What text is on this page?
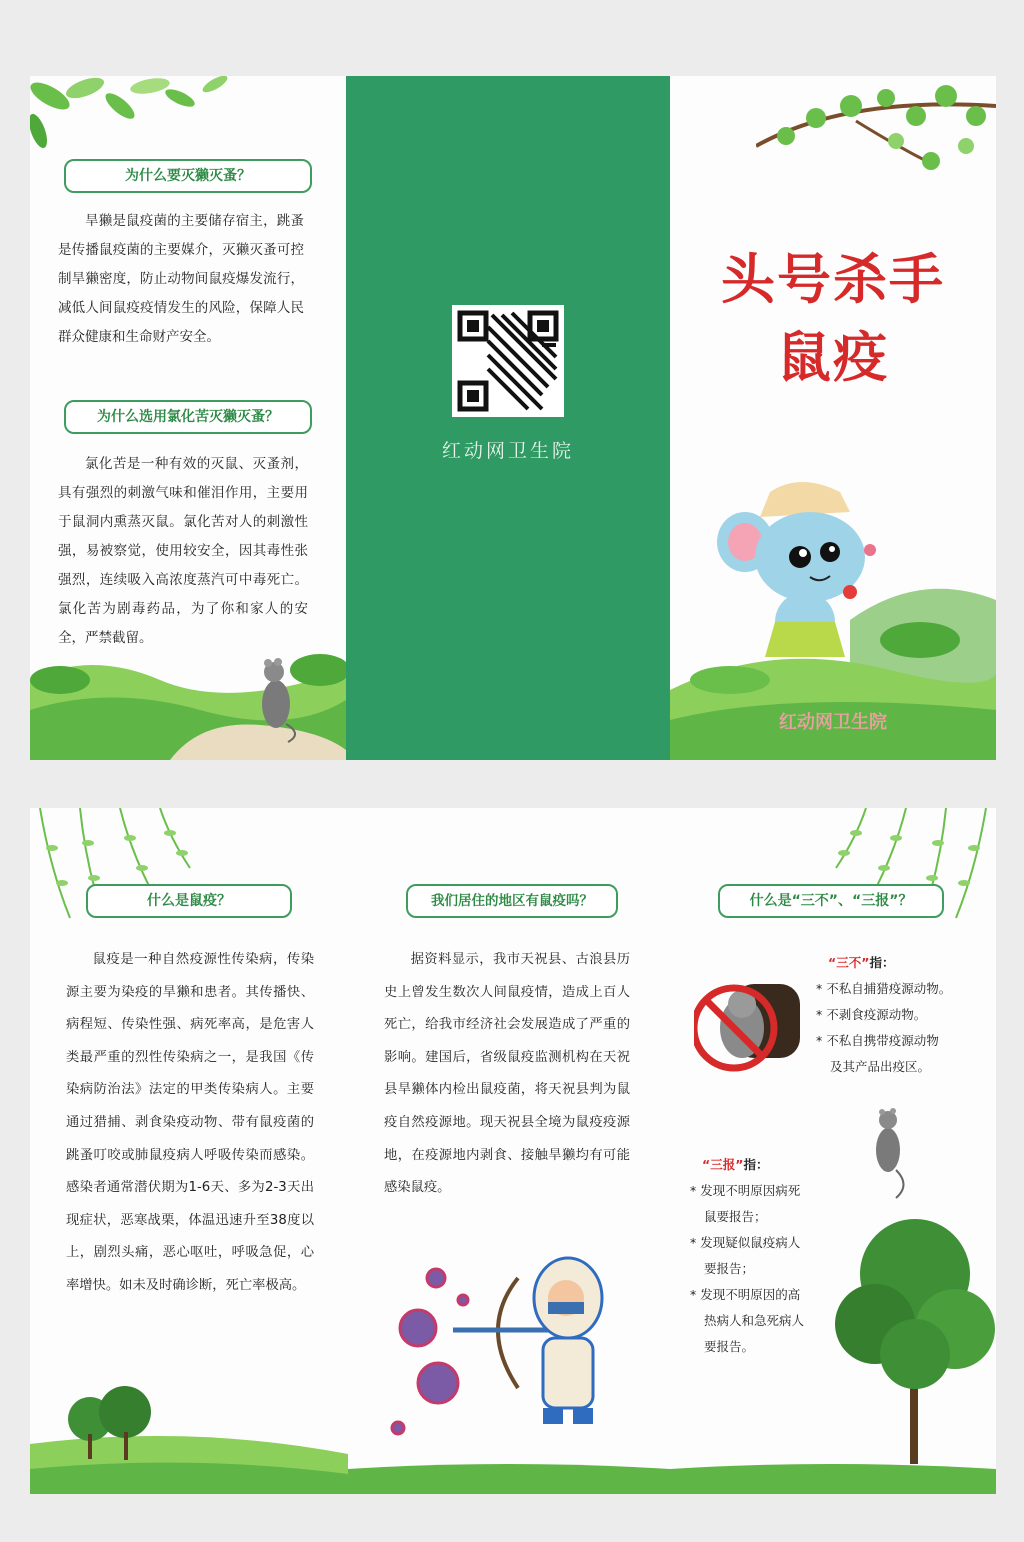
为什么要灭獭灭蚤？
旱獭是鼠疫菌的主要储存宿主，跳蚤是传播鼠疫菌的主要媒介，灭獭灭蚤可控制旱獭密度，防止动物间鼠疫爆发流行，减低人间鼠疫疫情发生的风险，保障人民群众健康和生命财产安全。
为什么选用氯化苦灭獭灭蚤？
氯化苦是一种有效的灭鼠、灭蚤剂，具有强烈的刺激气味和催泪作用，主要用于鼠洞内熏蒸灭鼠。氯化苦对人的刺激性强，易被察觉，使用较安全，因其毒性张强烈，连续吸入高浓度蒸汽可中毒死亡。氯化苦为剧毒药品，为了你和家人的安全，严禁截留。
红动网卫生院
头号杀手
鼠疫
红动网卫生院
什么是鼠疫？
鼠疫是一种自然疫源性传染病，传染源主要为染疫的旱獭和患者。其传播快、病程短、传染性强、病死率高，是危害人类最严重的烈性传染病之一，是我国《传染病防治法》法定的甲类传染病人。主要通过猎捕、剥食染疫动物、带有鼠疫菌的跳蚤叮咬或肺鼠疫病人呼吸传染而感染。感染者通常潜伏期为1-6天、多为2-3天出现症状，恶寒战栗，体温迅速升至38度以上，剧烈头痛，恶心呕吐，呼吸急促，心率增快。如未及时确诊断，死亡率极高。
我们居住的地区有鼠疫吗？
据资料显示，我市天祝县、古浪县历史上曾发生数次人间鼠疫情，造成上百人死亡，给我市经济社会发展造成了严重的影响。建国后，省级鼠疫监测机构在天祝县旱獭体内检出鼠疫菌，将天祝县判为鼠疫自然疫源地。现天祝县全境为鼠疫疫源地，在疫源地内剥食、接触旱獭均有可能感染鼠疫。
什么是“三不”、“三报”？
“三不”指：
* 不私自捕猎疫源动物。
* 不剥食疫源动物。
* 不私自携带疫源动物
及其产品出疫区。
“三报”指：
* 发现不明原因病死
鼠要报告；
* 发现疑似鼠疫病人
要报告；
* 发现不明原因的高
热病人和急死病人
要报告。
